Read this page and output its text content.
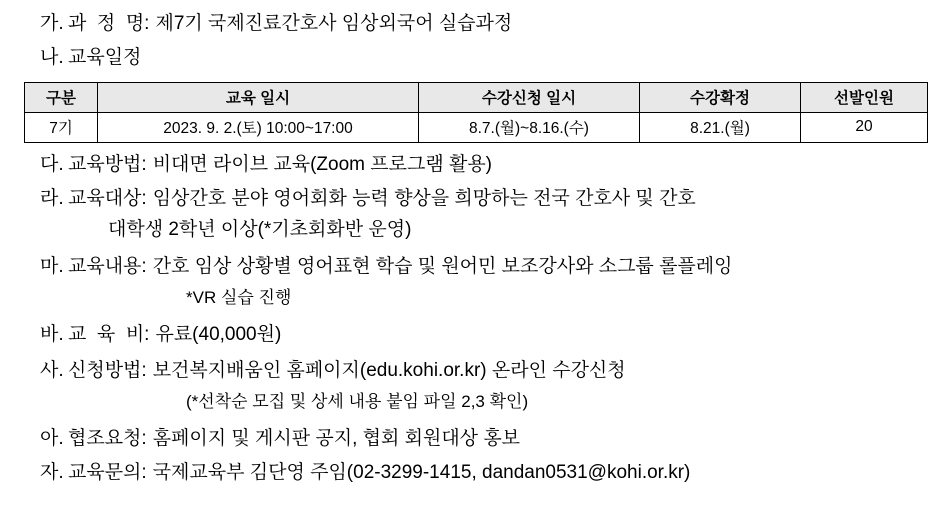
가. 과  정  명: 제7기 국제진료간호사 임상외국어 실습과정
나. 교육일정
구분	교육 일시	수강신청 일시	수강확정	선발인원
7기	2023. 9. 2.(토) 10:00~17:00	8.7.(월)~8.16.(수)	8.21.(월)	20
다. 교육방법: 비대면 라이브 교육(Zoom 프로그램 활용)
라. 교육대상: 임상간호 분야 영어회화 능력 향상을 희망하는 전국 간호사 및 간호
대학생 2학년 이상(*기초회화반 운영)
마. 교육내용: 간호 임상 상황별 영어표현 학습 및 원어민 보조강사와 소그룹 롤플레잉
*VR 실습 진행
바. 교  육  비: 유료(40,000원)
사. 신청방법: 보건복지배움인 홈페이지(edu.kohi.or.kr) 온라인 수강신청
(*선착순 모집 및 상세 내용 붙임 파일 2,3 확인)
아. 협조요청: 홈페이지 및 게시판 공지, 협회 회원대상 홍보
자. 교육문의: 국제교육부 김단영 주임(02-3299-1415, dandan0531@kohi.or.kr)
